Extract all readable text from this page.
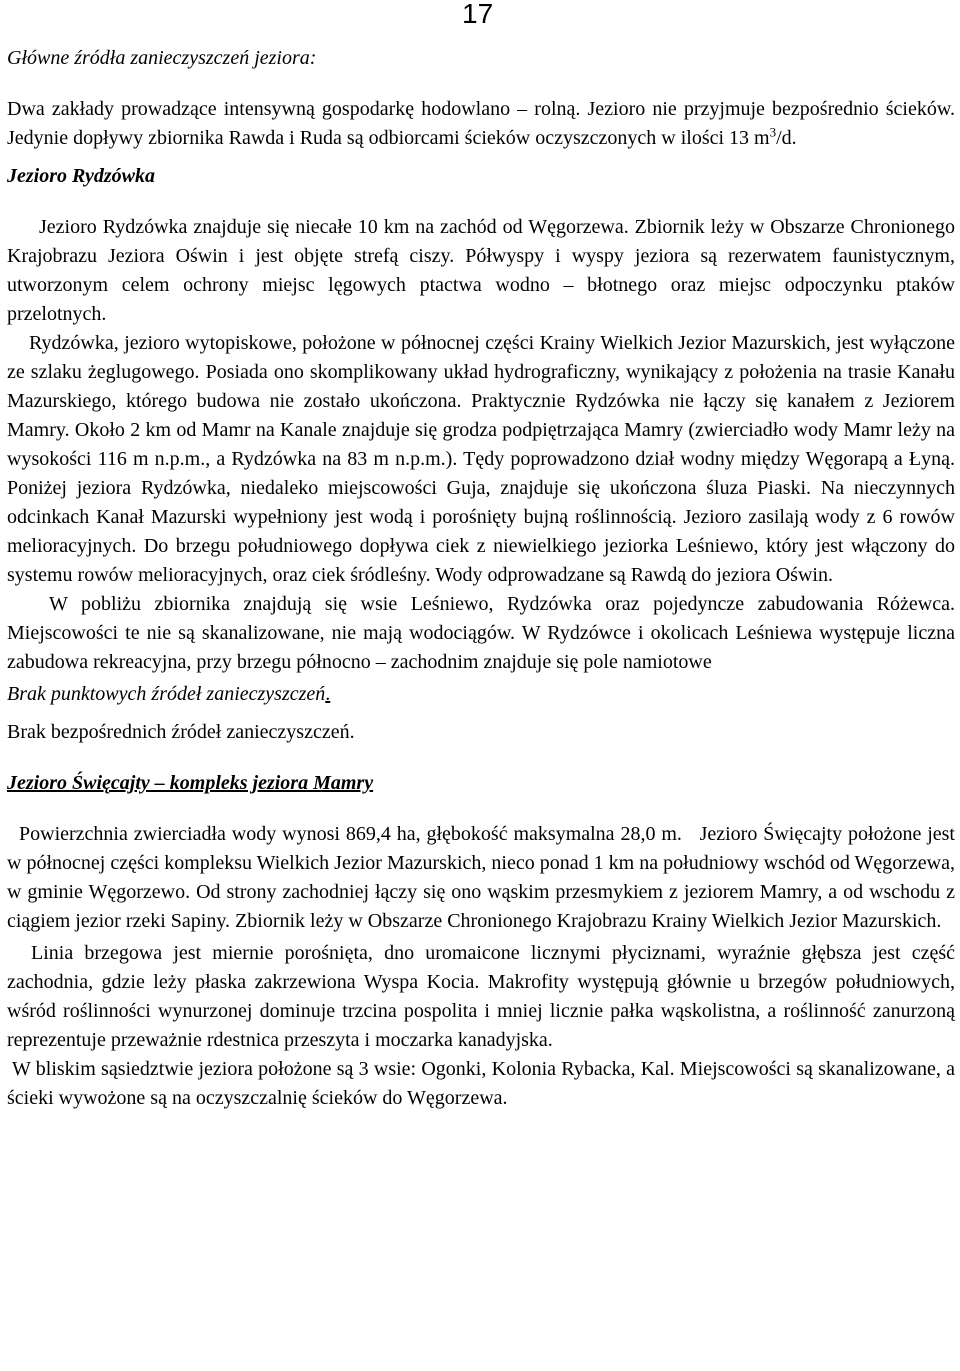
17

Główne źródła zanieczyszczeń jeziora:

Dwa zakłady prowadzące intensywną gospodarkę hodowlano – rolną. Jezioro nie przyjmuje bezpośrednio ścieków. Jedynie dopływy zbiornika Rawda i Ruda są odbiorcami ścieków oczyszczonych w ilości 13 $m^3/d$.

Jezioro Rydzówka

Jezioro Rydzówka znajduje się niecałe 10 km na zachód od Węgorzewa. Zbiornik leży w Obszarze Chronionego Krajobrazu Jeziora Oświn i jest objęte strefą ciszy. Półwyspy i wyspy jeziora są rezerwatem faunistycznym, utworzonym celem ochrony miejsc lęgowych ptactwa wodno – błotnego oraz miejsc odpoczynku ptaków przelotnych.

Rydzówka, jezioro wytopiskowe, położone w północnej części Krainy Wielkich Jezior Mazurskich, jest wyłączone ze szlaku żeglugowego. Posiada ono skomplikowany układ hydrograficzny, wynikający z położenia na trasie Kanału Mazurskiego, którego budowa nie zostało ukończona. Praktycznie Rydzówka nie łączy się kanałem z Jeziorem Mamry. Około 2 km od Mamr na Kanale znajduje się grodza podpiętrzająca Mamry (zwierciadło wody Mamr leży na wysokości 116 m n.p.m., a Rydzówka na 83 m n.p.m.). Tędy poprowadzono dział wodny między Węgorapą a Łyną. Poniżej jeziora Rydzówka, niedaleko miejscowości Guja, znajduje się ukończona śluza Piaski. Na nieczynnych odcinkach Kanał Mazurski wypełniony jest wodą i porośnięty bujną roślinnością. Jezioro zasilają wody z 6 rowów melioracyjnych. Do brzegu południowego dopływa ciek z niewielkiego jeziorka Leśniewo, który jest włączony do systemu rowów melioracyjnych, oraz ciek śródleśny. Wody odprowadzane są Rawdą do jeziora Oświn.

W pobliżu zbiornika znajdują się wsie Leśniewo, Rydzówka oraz pojedyncze zabudowania Różewca. Miejscowości te nie są skanalizowane, nie mają wodociągów. W Rydzówce i okolicach Leśniewa występuje liczna zabudowa rekreacyjna, przy brzegu północno – zachodnim znajduje się pole namiotowe

Brak punktowych źródeł zanieczyszczeń.

Brak bezpośrednich źródeł zanieczyszczeń.

Jezioro Święcajty – kompleks jeziora Mamry

Powierzchnia zwierciadła wody wynosi 869,4 ha, głębokość maksymalna 28,0 m.   Jezioro Święcajty położone jest w północnej części kompleksu Wielkich Jezior Mazurskich, nieco ponad 1 km na południowy wschód od Węgorzewa, w gminie Węgorzewo. Od strony zachodniej łączy się ono wąskim przesmykiem z jeziorem Mamry, a od wschodu z ciągiem jezior rzeki Sapiny. Zbiornik leży w Obszarze Chronionego Krajobrazu Krainy Wielkich Jezior Mazurskich.

Linia brzegowa jest miernie porośnięta, dno uromaicone licznymi płyciznami, wyraźnie głębsza jest część zachodnia, gdzie leży płaska zakrzewiona Wyspa Kocia. Makrofity występują głównie u brzegów południowych, wśród roślinności wynurzonej dominuje trzcina pospolita i mniej licznie pałka wąskolistna, a roślinność zanurzoną reprezentuje przeważnie rdestnica przeszyta i moczarka kanadyjska.

W bliskim sąsiedztwie jeziora położone są 3 wsie: Ogonki, Kolonia Rybacka, Kal. Miejscowości są skanalizowane, a ścieki wywożone są na oczyszczalnię ścieków do Węgorzewa.
